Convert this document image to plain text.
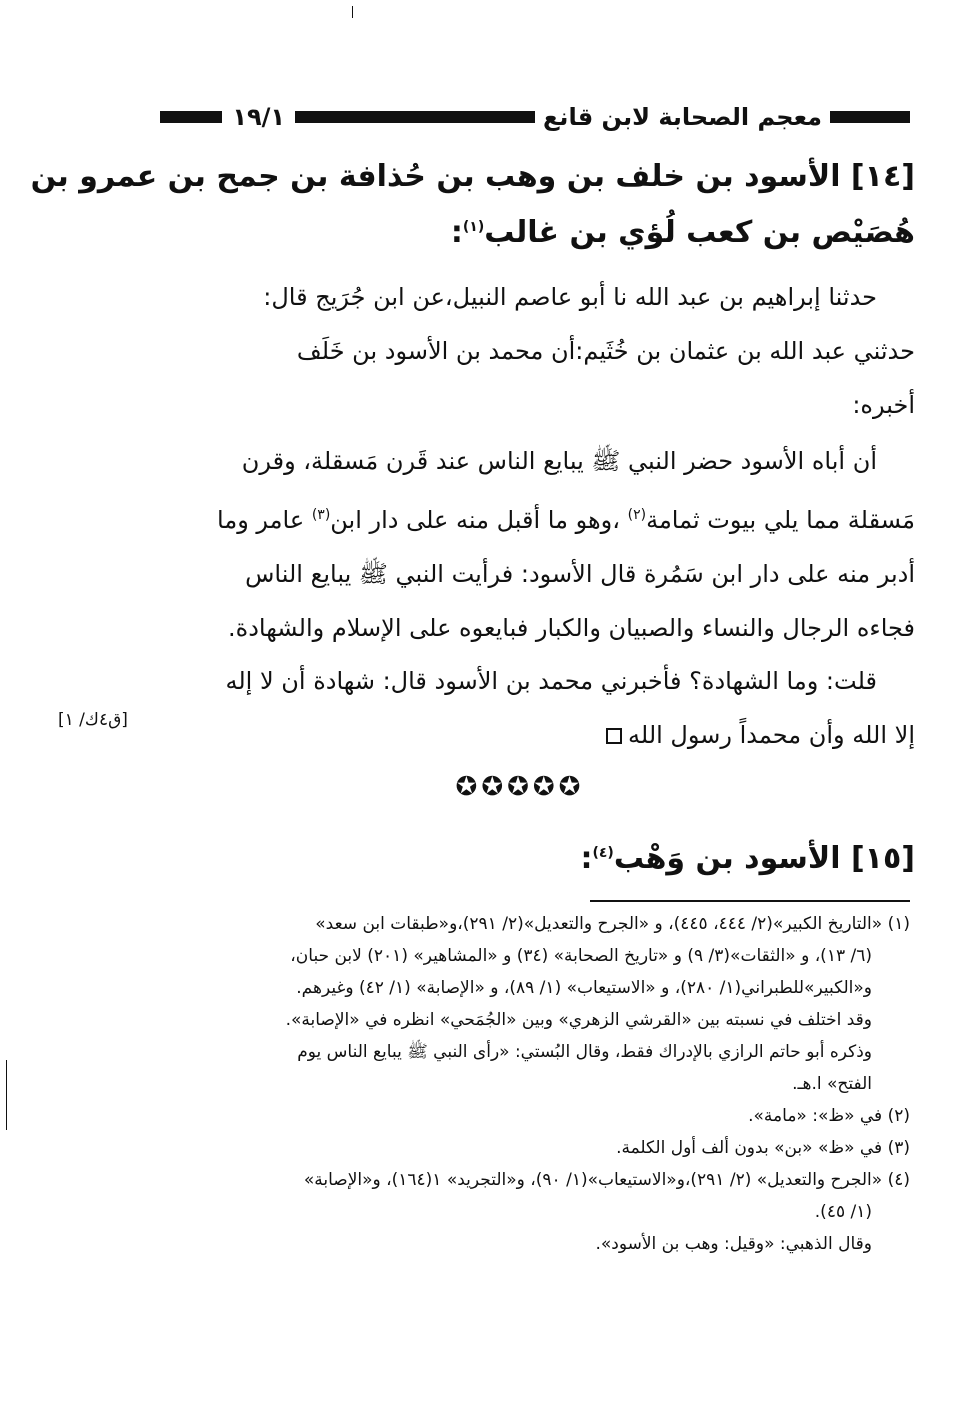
معجم الصحابة لابن قانع
١٩/١
[١٤] الأسود بن خلف بن وهب بن حُذافة بن جمح بن عمرو بن
هُصَيْص بن كعب لُؤي بن غالب$^{(١)}$:
حدثنا إبراهيم بن عبد الله نا أبو عاصم النبيل،عن ابن جُرَيج قال:
حدثني عبد الله بن عثمان بن خُثَيم:أن محمد بن الأسود بن خَلَف
أخبره:
أن أباه الأسود حضر النبي ﷺ يبايع الناس عند قَرن مَسقلة، وقرن
مَسقلة مما يلي بيوت ثمامة$^{(٢)}$ ،وهو ما أقبل منه على دار ابن$^{(٣)}$ عامر وما
أدبر منه على دار ابن سَمُرة قال الأسود: فرأيت النبي ﷺ يبايع الناس
فجاءه الرجال والنساء والصبيان والكبار فبايعوه على الإسلام والشهادة.
قلت: وما الشهادة؟ فأخبرني محمد بن الأسود قال: شهادة أن لا إله
إلا الله وأن محمداً رسول الله
[ق٤ك/ ١]
✪✪✪✪✪
[١٥] الأسود بن وَهْب$^{(٤)}$:
(١) «التاريخ الكبير»(٢/ ٤٤٤، ٤٤٥)، و «الجرح والتعديل»(٢/ ٢٩١)،و«طبقات ابن سعد»
(٦/ ١٣)، و «الثقات»(٣/ ٩) و «تاريخ الصحابة» (٣٤) و «المشاهير» (٢٠١) لابن حبان،
و«الكبير»للطبراني(١/ ٢٨٠)، و «الاستيعاب» (١/ ٨٩)، و «الإصابة» (١/ ٤٢) وغيرهم.
وقد اختلف في نسبته بين «القرشي الزهري» وبين «الجُمَحي» انظره في «الإصابة».
وذكره أبو حاتم الرازي بالإدراك فقط، وقال البُستي: «رأى النبي ﷺ يبايع الناس يوم
الفتح» ا.هـ.
(٢) في «ظ»: «مامة».
(٣) في «ظ» «بن» بدون ألف أول الكلمة.
(٤) «الجرح والتعديل» (٢/ ٢٩١)،و«الاستيعاب»(١/ ٩٠)، و«التجريد» ١(١٦٤)، و«الإصابة»
(١/ ٤٥).
وقال الذهبي: «وقيل: وهب بن الأسود».
